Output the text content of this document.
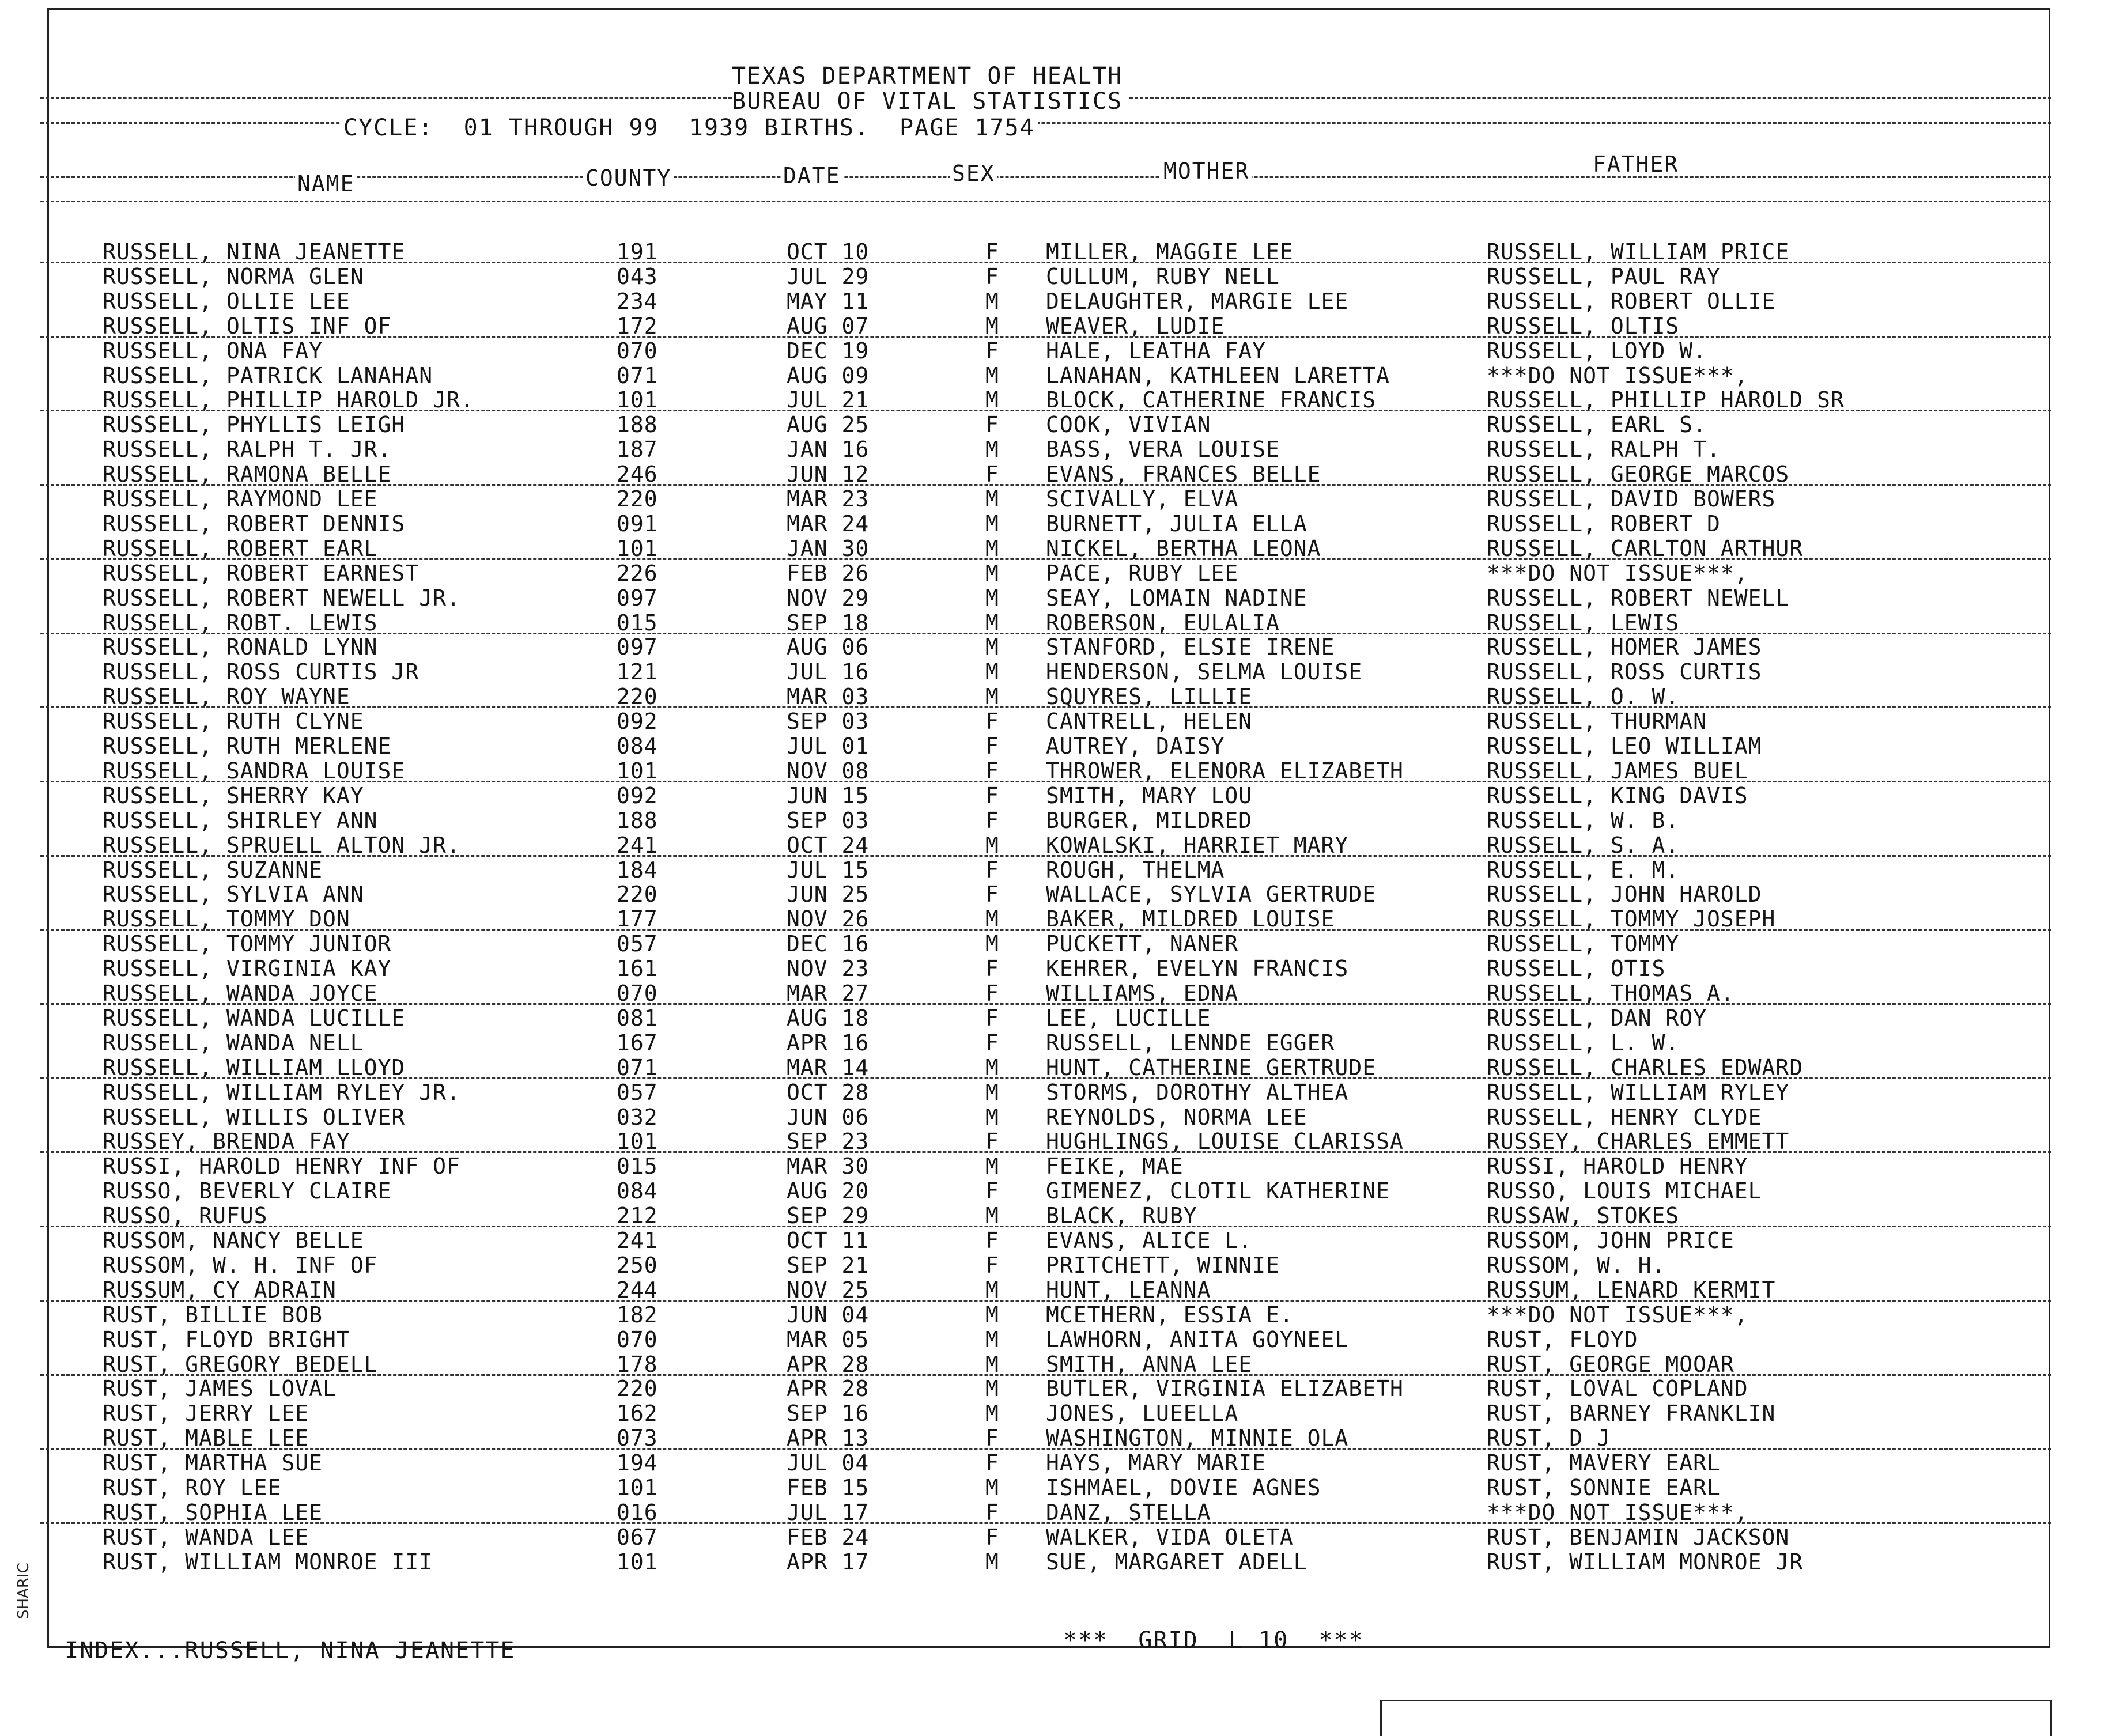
TEXAS DEPARTMENT OF HEALTH
BUREAU OF VITAL STATISTICS
CYCLE:  01 THROUGH 99  1939 BIRTHS.  PAGE 1754
NAME	COUNTY	DATE	SEX	MOTHER	FATHER
RUSSELL, NINA JEANETTE	191	OCT 10	F MILLER, MAGGIE LEE	RUSSELL, WILLIAM PRICE
RUSSELL, NORMA GLEN	043	JUL 29	F CULLUM, RUBY NELL	RUSSELL, PAUL RAY
RUSSELL, OLLIE LEE	234	MAY 11	M DELAUGHTER, MARGIE LEE	RUSSELL, ROBERT OLLIE
RUSSELL, OLTIS INF OF	172	AUG 07	M WEAVER, LUDIE	RUSSELL, OLTIS
RUSSELL, ONA FAY	070	DEC 19	F HALE, LEATHA FAY	RUSSELL, LOYD W.
RUSSELL, PATRICK LANAHAN	071	AUG 09	M LANAHAN, KATHLEEN LARETTA	***DO NOT ISSUE***,
RUSSELL, PHILLIP HAROLD JR.	101	JUL 21	M BLOCK, CATHERINE FRANCIS	RUSSELL, PHILLIP HAROLD SR
RUSSELL, PHYLLIS LEIGH	188	AUG 25	F COOK, VIVIAN	RUSSELL, EARL S.
RUSSELL, RALPH T. JR.	187	JAN 16	M BASS, VERA LOUISE	RUSSELL, RALPH T.
RUSSELL, RAMONA BELLE	246	JUN 12	F EVANS, FRANCES BELLE	RUSSELL, GEORGE MARCOS
RUSSELL, RAYMOND LEE	220	MAR 23	M SCIVALLY, ELVA	RUSSELL, DAVID BOWERS
RUSSELL, ROBERT DENNIS	091	MAR 24	M BURNETT, JULIA ELLA	RUSSELL, ROBERT D
RUSSELL, ROBERT EARL	101	JAN 30	M NICKEL, BERTHA LEONA	RUSSELL, CARLTON ARTHUR
RUSSELL, ROBERT EARNEST	226	FEB 26	M PACE, RUBY LEE	***DO NOT ISSUE***,
RUSSELL, ROBERT NEWELL JR.	097	NOV 29	M SEAY, LOMAIN NADINE	RUSSELL, ROBERT NEWELL
RUSSELL, ROBT. LEWIS	015	SEP 18	M ROBERSON, EULALIA	RUSSELL, LEWIS
RUSSELL, RONALD LYNN	097	AUG 06	M STANFORD, ELSIE IRENE	RUSSELL, HOMER JAMES
RUSSELL, ROSS CURTIS JR	121	JUL 16	M HENDERSON, SELMA LOUISE	RUSSELL, ROSS CURTIS
RUSSELL, ROY WAYNE	220	MAR 03	M SQUYRES, LILLIE	RUSSELL, O. W.
RUSSELL, RUTH CLYNE	092	SEP 03	F CANTRELL, HELEN	RUSSELL, THURMAN
RUSSELL, RUTH MERLENE	084	JUL 01	F AUTREY, DAISY	RUSSELL, LEO WILLIAM
RUSSELL, SANDRA LOUISE	101	NOV 08	F THROWER, ELENORA ELIZABETH	RUSSELL, JAMES BUEL
RUSSELL, SHERRY KAY	092	JUN 15	F SMITH, MARY LOU	RUSSELL, KING DAVIS
RUSSELL, SHIRLEY ANN	188	SEP 03	F BURGER, MILDRED	RUSSELL, W. B.
RUSSELL, SPRUELL ALTON JR.	241	OCT 24	M KOWALSKI, HARRIET MARY	RUSSELL, S. A.
RUSSELL, SUZANNE	184	JUL 15	F ROUGH, THELMA	RUSSELL, E. M.
RUSSELL, SYLVIA ANN	220	JUN 25	F WALLACE, SYLVIA GERTRUDE	RUSSELL, JOHN HAROLD
RUSSELL, TOMMY DON	177	NOV 26	M BAKER, MILDRED LOUISE	RUSSELL, TOMMY JOSEPH
RUSSELL, TOMMY JUNIOR	057	DEC 16	M PUCKETT, NANER	RUSSELL, TOMMY
RUSSELL, VIRGINIA KAY	161	NOV 23	F KEHRER, EVELYN FRANCIS	RUSSELL, OTIS
RUSSELL, WANDA JOYCE	070	MAR 27	F WILLIAMS, EDNA	RUSSELL, THOMAS A.
RUSSELL, WANDA LUCILLE	081	AUG 18	F LEE, LUCILLE	RUSSELL, DAN ROY
RUSSELL, WANDA NELL	167	APR 16	F RUSSELL, LENNDE EGGER	RUSSELL, L. W.
RUSSELL, WILLIAM LLOYD	071	MAR 14	M HUNT, CATHERINE GERTRUDE	RUSSELL, CHARLES EDWARD
RUSSELL, WILLIAM RYLEY JR.	057	OCT 28	M STORMS, DOROTHY ALTHEA	RUSSELL, WILLIAM RYLEY
RUSSELL, WILLIS OLIVER	032	JUN 06	M REYNOLDS, NORMA LEE	RUSSELL, HENRY CLYDE
RUSSEY, BRENDA FAY	101	SEP 23	F HUGHLINGS, LOUISE CLARISSA	RUSSEY, CHARLES EMMETT
RUSSI, HAROLD HENRY INF OF	015	MAR 30	M FEIKE, MAE	RUSSI, HAROLD HENRY
RUSSO, BEVERLY CLAIRE	084	AUG 20	F GIMENEZ, CLOTIL KATHERINE	RUSSO, LOUIS MICHAEL
RUSSO, RUFUS	212	SEP 29	M BLACK, RUBY	RUSSAW, STOKES
RUSSOM, NANCY BELLE	241	OCT 11	F EVANS, ALICE L.	RUSSOM, JOHN PRICE
RUSSOM, W. H. INF OF	250	SEP 21	F PRITCHETT, WINNIE	RUSSOM, W. H.
RUSSUM, CY ADRAIN	244	NOV 25	M HUNT, LEANNA	RUSSUM, LENARD KERMIT
RUST, BILLIE BOB	182	JUN 04	M MCETHERN, ESSIA E.	***DO NOT ISSUE***,
RUST, FLOYD BRIGHT	070	MAR 05	M LAWHORN, ANITA GOYNEEL	RUST, FLOYD
RUST, GREGORY BEDELL	178	APR 28	M SMITH, ANNA LEE	RUST, GEORGE MOOAR
RUST, JAMES LOVAL	220	APR 28	M BUTLER, VIRGINIA ELIZABETH	RUST, LOVAL COPLAND
RUST, JERRY LEE	162	SEP 16	M JONES, LUEELLA	RUST, BARNEY FRANKLIN
RUST, MABLE LEE	073	APR 13	F WASHINGTON, MINNIE OLA	RUST, D J
RUST, MARTHA SUE	194	JUL 04	F HAYS, MARY MARIE	RUST, MAVERY EARL
RUST, ROY LEE	101	FEB 15	M ISHMAEL, DOVIE AGNES	RUST, SONNIE EARL
RUST, SOPHIA LEE	016	JUL 17	F DANZ, STELLA	***DO NOT ISSUE***,
RUST, WANDA LEE	067	FEB 24	F WALKER, VIDA OLETA	RUST, BENJAMIN JACKSON
RUST, WILLIAM MONROE III	101	APR 17	M SUE, MARGARET ADELL	RUST, WILLIAM MONROE JR
INDEX...RUSSELL, NINA JEANETTE	***  GRID  L 10  ***
SHARIC
